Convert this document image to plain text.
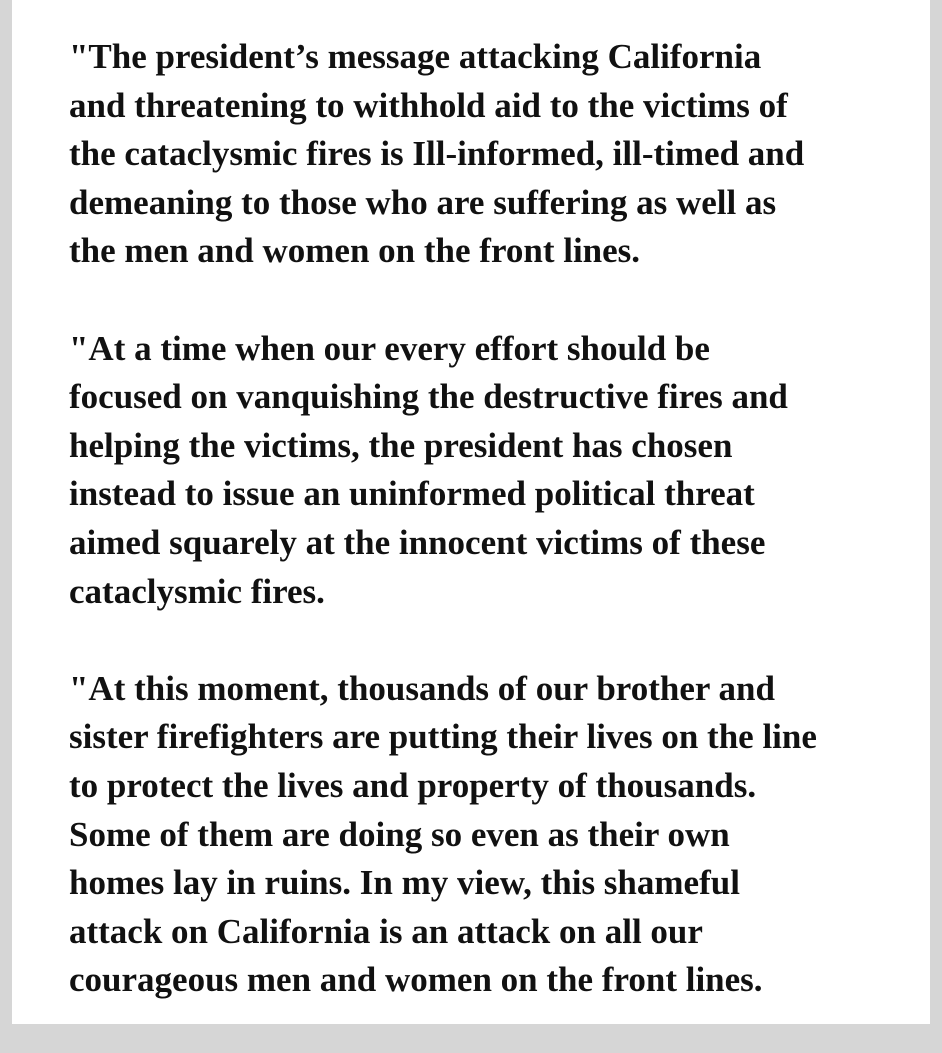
"The president’s message attacking California
and threatening to withhold aid to the victims of
the cataclysmic fires is Ill-informed, ill-timed and
demeaning to those who are suffering as well as
the men and women on the front lines.

"At a time when our every effort should be
focused on vanquishing the destructive fires and
helping the victims, the president has chosen
instead to issue an uninformed political threat
aimed squarely at the innocent victims of these
cataclysmic fires.

"At this moment, thousands of our brother and
sister firefighters are putting their lives on the line
to protect the lives and property of thousands.
Some of them are doing so even as their own
homes lay in ruins. In my view, this shameful
attack on California is an attack on all our
courageous men and women on the front lines.
